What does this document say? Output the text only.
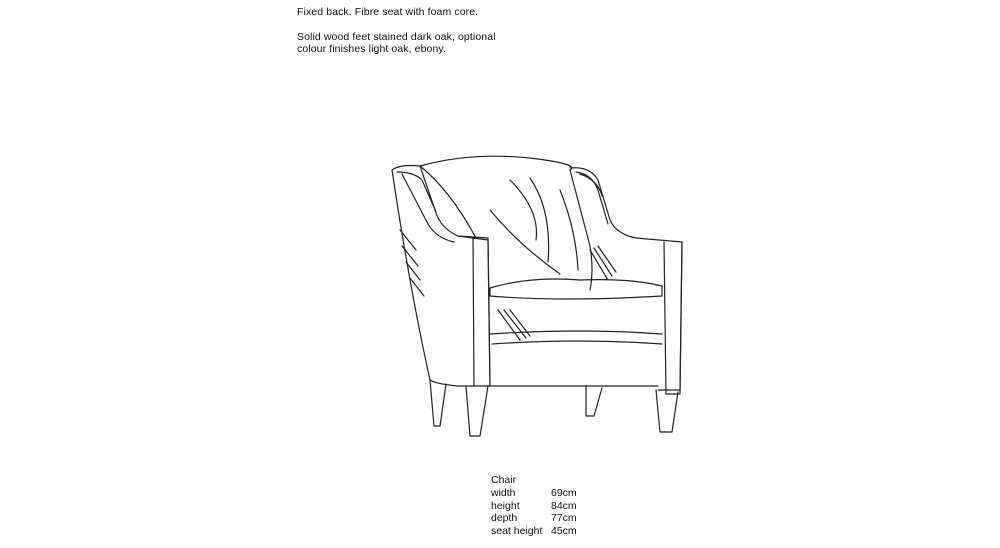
Fixed back. Fibre seat with foam core.

Solid wood feet stained dark oak, optional colour finishes light oak, ebony.

Chair
width	69cm
height	84cm
depth	77cm
seat height	45cm
